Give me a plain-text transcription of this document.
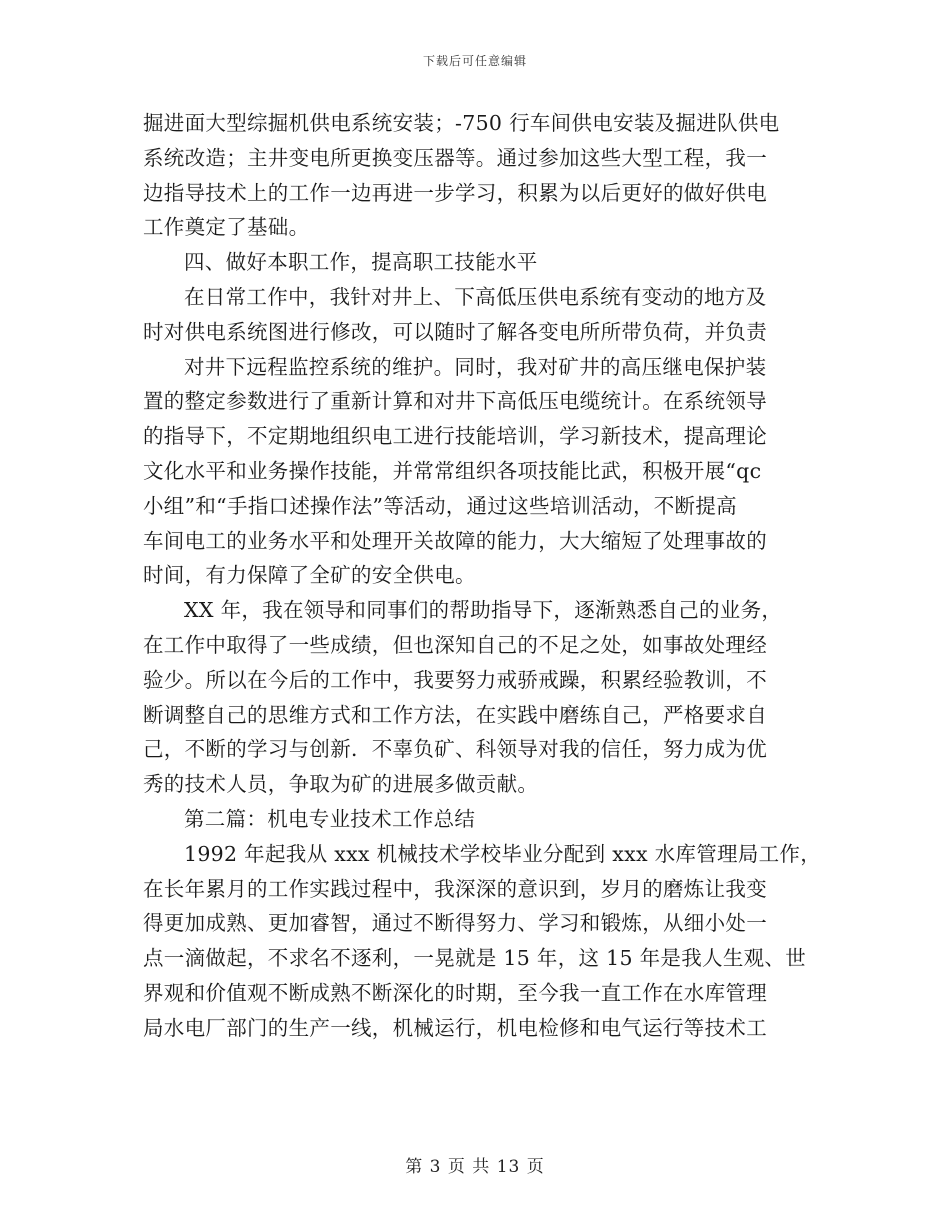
下载后可任意编辑
掘进面大型综掘机供电系统安装；-750 行车间供电安装及掘进队供电
系统改造；主井变电所更换变压器等。通过参加这些大型工程，我一
边指导技术上的工作一边再进一步学习，积累为以后更好的做好供电
工作奠定了基础。
四、做好本职工作，提高职工技能水平
在日常工作中，我针对井上、下高低压供电系统有变动的地方及
时对供电系统图进行修改，可以随时了解各变电所所带负荷，并负责
对井下远程监控系统的维护。同时，我对矿井的高压继电保护装
置的整定参数进行了重新计算和对井下高低压电缆统计。在系统领导
的指导下，不定期地组织电工进行技能培训，学习新技术，提高理论
文化水平和业务操作技能，并常常组织各项技能比武，积极开展“qc
小组”和“手指口述操作法”等活动，通过这些培训活动，不断提高
车间电工的业务水平和处理开关故障的能力，大大缩短了处理事故的
时间，有力保障了全矿的安全供电。
XX 年，我在领导和同事们的帮助指导下，逐渐熟悉自己的业务，
在工作中取得了一些成绩，但也深知自己的不足之处，如事故处理经
验少。所以在今后的工作中，我要努力戒骄戒躁，积累经验教训，不
断调整自己的思维方式和工作方法，在实践中磨练自己，严格要求自
己，不断的学习与创新．不辜负矿、科领导对我的信任，努力成为优
秀的技术人员，争取为矿的进展多做贡献。
第二篇：机电专业技术工作总结
1992 年起我从 xxx 机械技术学校毕业分配到 xxx 水库管理局工作，
在长年累月的工作实践过程中，我深深的意识到，岁月的磨炼让我变
得更加成熟、更加睿智，通过不断得努力、学习和锻炼，从细小处一
点一滴做起，不求名不逐利，一晃就是 15 年，这 15 年是我人生观、世
界观和价值观不断成熟不断深化的时期，至今我一直工作在水库管理
局水电厂部门的生产一线，机械运行，机电检修和电气运行等技术工
第 3 页 共 13 页
